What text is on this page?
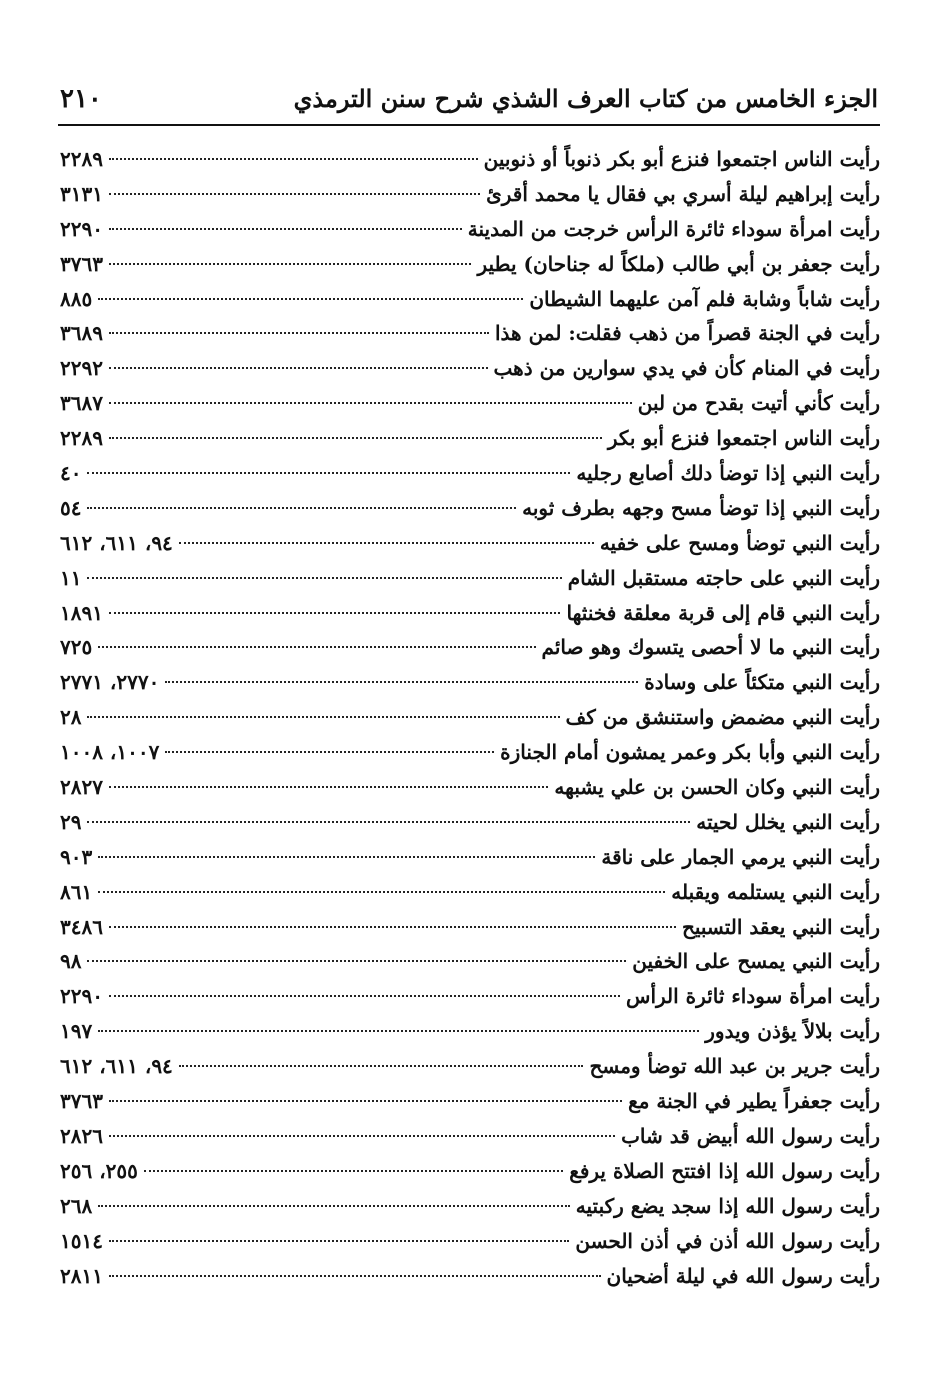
٢١٠	الجزء الخامس من كتاب العرف الشذي شرح سنن الترمذي
رأيت الناس اجتمعوا فنزع أبو بكر ذنوباً أو ذنوبين
٢٢٨٩
رأيت إبراهيم ليلة أسري بي فقال يا محمد أقرئ
٣١٣١
رأيت امرأة سوداء ثائرة الرأس خرجت من المدينة
٢٢٩٠
رأيت جعفر بن أبي طالب (ملكاً له جناحان) يطير
٣٧٦٣
رأيت شاباً وشابة فلم آمن عليهما الشيطان
٨٨٥
رأيت في الجنة قصراً من ذهب فقلت: لمن هذا
٣٦٨٩
رأيت في المنام كأن في يدي سوارين من ذهب
٢٢٩٢
رأيت كأني أتيت بقدح من لبن
٣٦٨٧
رأيت الناس اجتمعوا فنزع أبو بكر
٢٢٨٩
رأيت النبي إذا توضأ دلك أصابع رجليه
٤٠
رأيت النبي إذا توضأ مسح وجهه بطرف ثوبه
٥٤
رأيت النبي توضأ ومسح على خفيه
٩٤، ٦١١، ٦١٢
رأيت النبي على حاجته مستقبل الشام
١١
رأيت النبي قام إلى قربة معلقة فخنثها
١٨٩١
رأيت النبي ما لا أحصى يتسوك وهو صائم
٧٢٥
رأيت النبي متكئاً على وسادة
٢٧٧٠، ٢٧٧١
رأيت النبي مضمض واستنشق من كف
٢٨
رأيت النبي وأبا بكر وعمر يمشون أمام الجنازة
١٠٠٧، ١٠٠٨
رأيت النبي وكان الحسن بن علي يشبهه
٢٨٢٧
رأيت النبي يخلل لحيته
٢٩
رأيت النبي يرمي الجمار على ناقة
٩٠٣
رأيت النبي يستلمه ويقبله
٨٦١
رأيت النبي يعقد التسبيح
٣٤٨٦
رأيت النبي يمسح على الخفين
٩٨
رأيت امرأة سوداء ثائرة الرأس
٢٢٩٠
رأيت بلالاً يؤذن ويدور
١٩٧
رأيت جرير بن عبد الله توضأ ومسح
٩٤، ٦١١، ٦١٢
رأيت جعفراً يطير في الجنة مع
٣٧٦٣
رأيت رسول الله أبيض قد شاب
٢٨٢٦
رأيت رسول الله إذا افتتح الصلاة يرفع
٢٥٥، ٢٥٦
رأيت رسول الله إذا سجد يضع ركبتيه
٢٦٨
رأيت رسول الله أذن في أذن الحسن
١٥١٤
رأيت رسول الله في ليلة أضحيان
٢٨١١
